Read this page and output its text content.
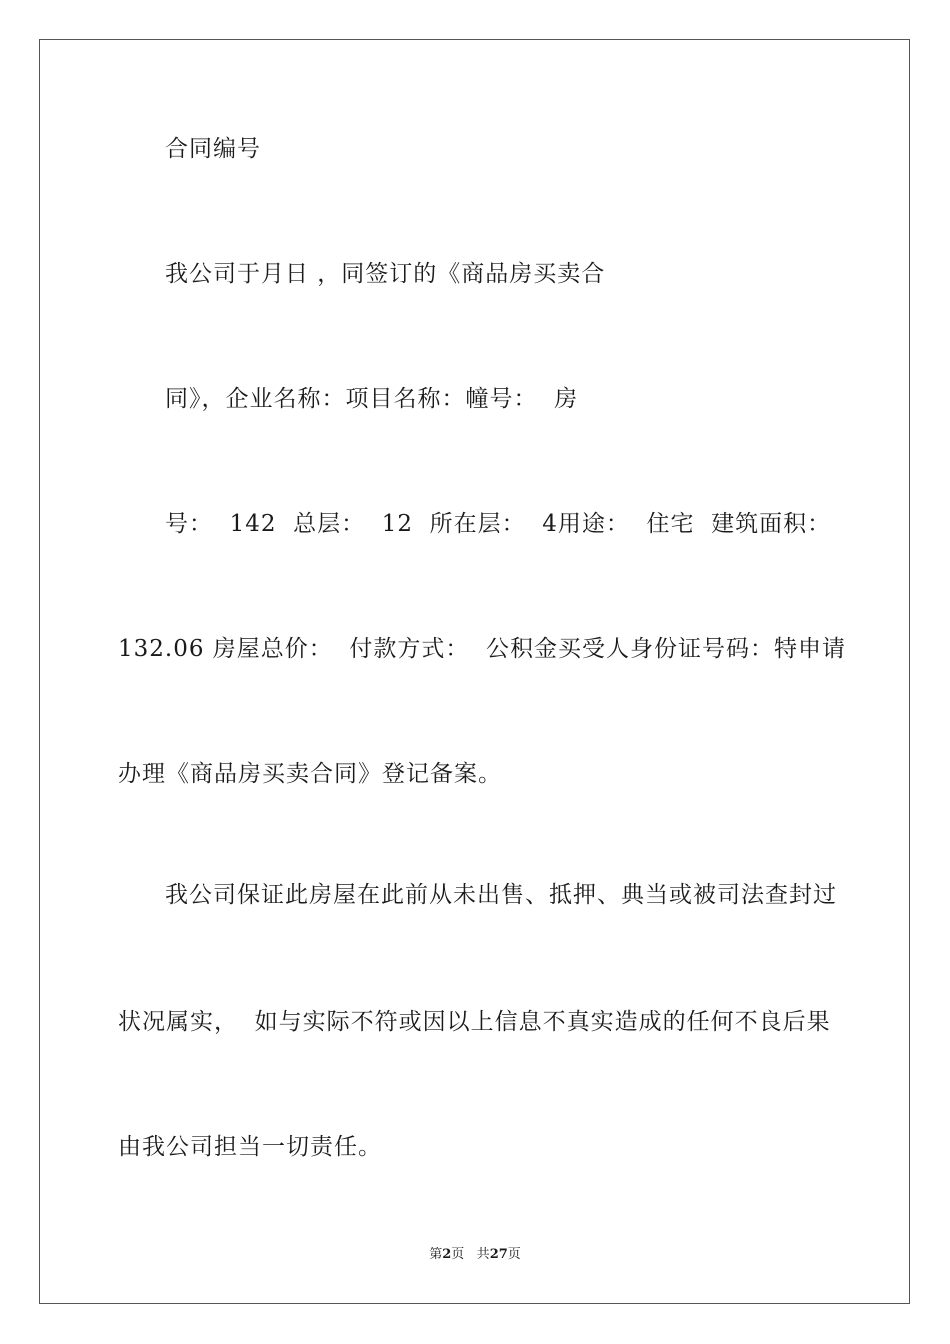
合同编号
我公司于月日 ，同签订的《商品房买卖合
同》，企业名称：项目名称：幢号：  房
号：  142  总层：  12  所在层：  4用途：  住宅  建筑面积：
132.06 房屋总价：  付款方式：  公积金买受人身份证号码：特申请
办理《商品房买卖合同》登记备案。
我公司保证此房屋在此前从未出售、抵押、典当或被司法查封过
状况属实，  如与实际不符或因以上信息不真实造成的任何不良后果
由我公司担当一切责任。
第2页 共27页
